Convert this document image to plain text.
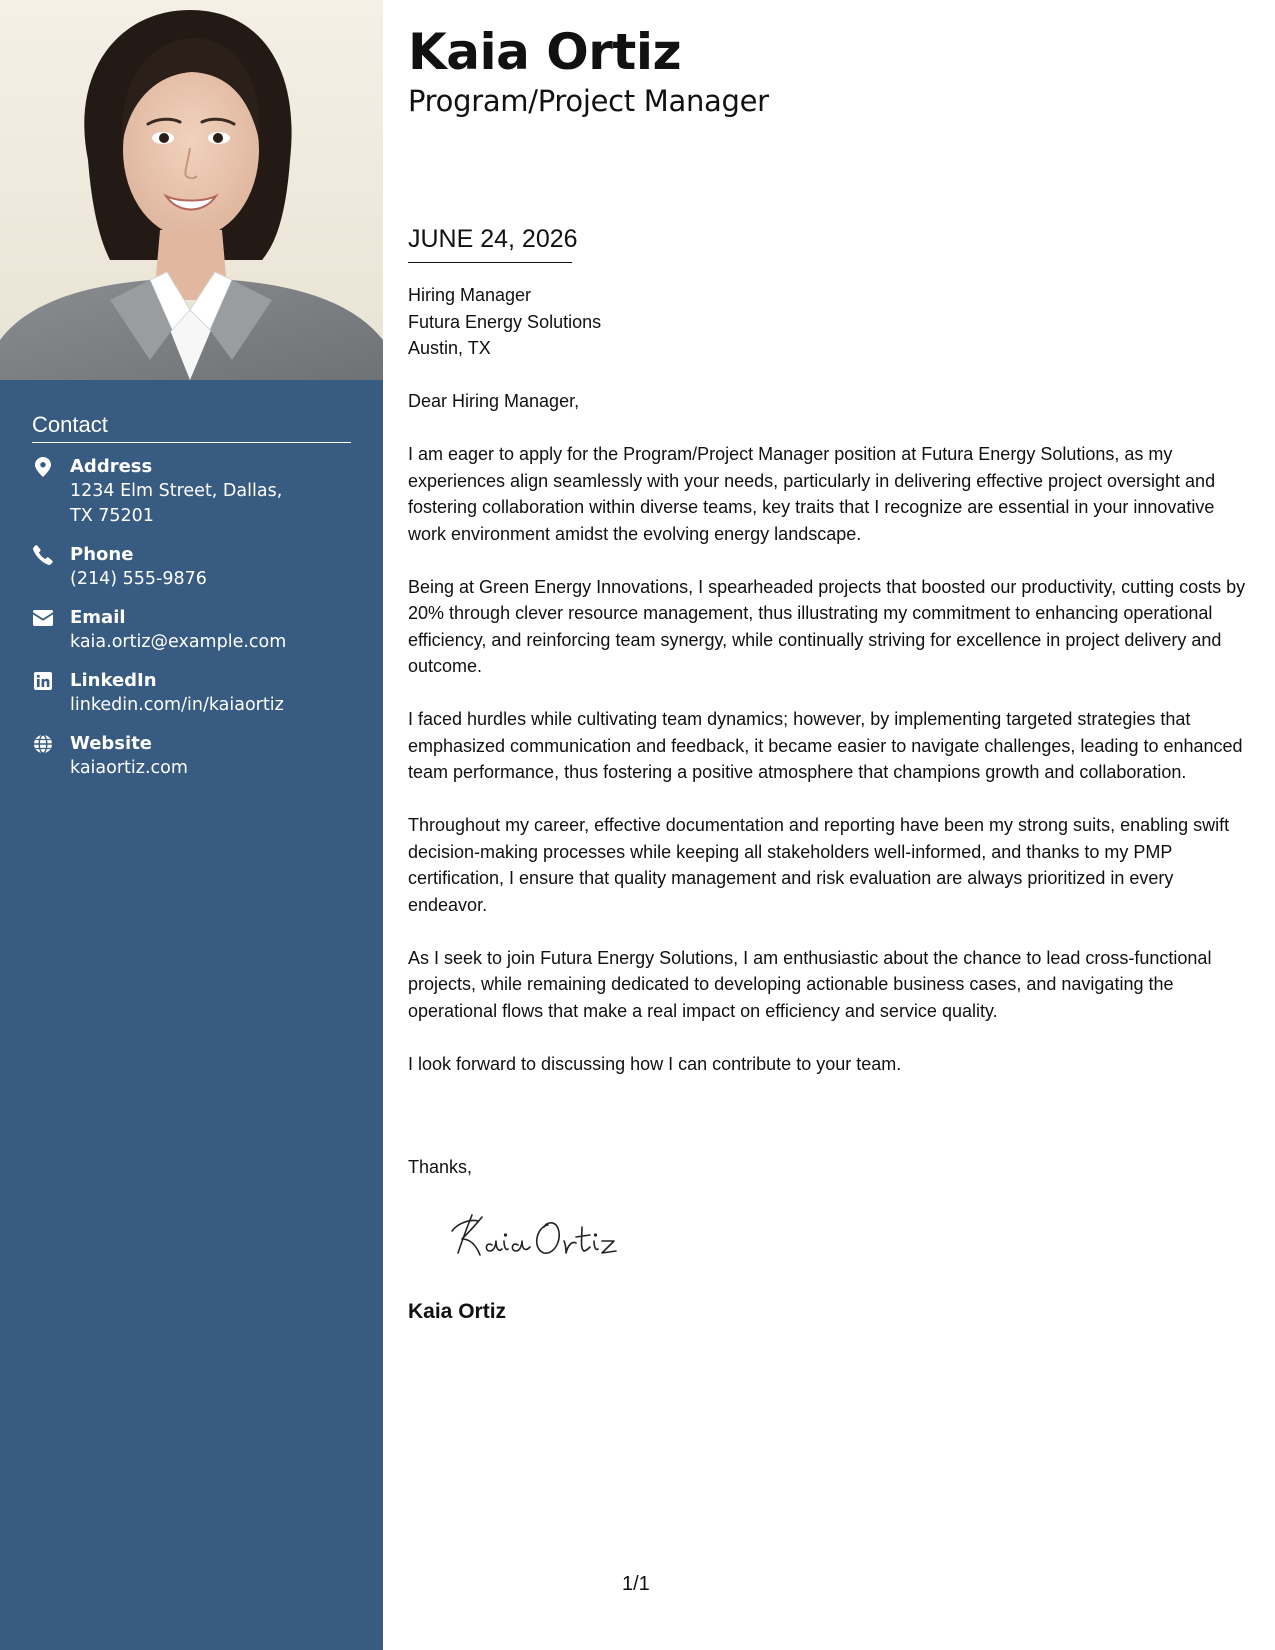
Contact
Address
1234 Elm Street, Dallas, TX 75201
Phone
(214) 555-9876
Email
kaia.ortiz@example.com
LinkedIn
linkedin.com/in/kaiaortiz
Website
kaiaortiz.com
Kaia Ortiz
Program/Project Manager
JUNE 24, 2026
Hiring Manager
Futura Energy Solutions
Austin, TX

Dear Hiring Manager,

I am eager to apply for the Program/Project Manager position at Futura Energy Solutions, as my experiences align seamlessly with your needs, particularly in delivering effective project oversight and fostering collaboration within diverse teams, key traits that I recognize are essential in your innovative work environment amidst the evolving energy landscape.

Being at Green Energy Innovations, I spearheaded projects that boosted our productivity, cutting costs by 20% through clever resource management, thus illustrating my commitment to enhancing operational efficiency, and reinforcing team synergy, while continually striving for excellence in project delivery and outcome.

I faced hurdles while cultivating team dynamics; however, by implementing targeted strategies that emphasized communication and feedback, it became easier to navigate challenges, leading to enhanced team performance, thus fostering a positive atmosphere that champions growth and collaboration.

Throughout my career, effective documentation and reporting have been my strong suits, enabling swift decision-making processes while keeping all stakeholders well-informed, and thanks to my PMP certification, I ensure that quality management and risk evaluation are always prioritized in every endeavor.

As I seek to join Futura Energy Solutions, I am enthusiastic about the chance to lead cross-functional projects, while remaining dedicated to developing actionable business cases, and navigating the operational flows that make a real impact on efficiency and service quality.

I look forward to discussing how I can contribute to your team.

Thanks,
Kaia Ortiz
1/1
